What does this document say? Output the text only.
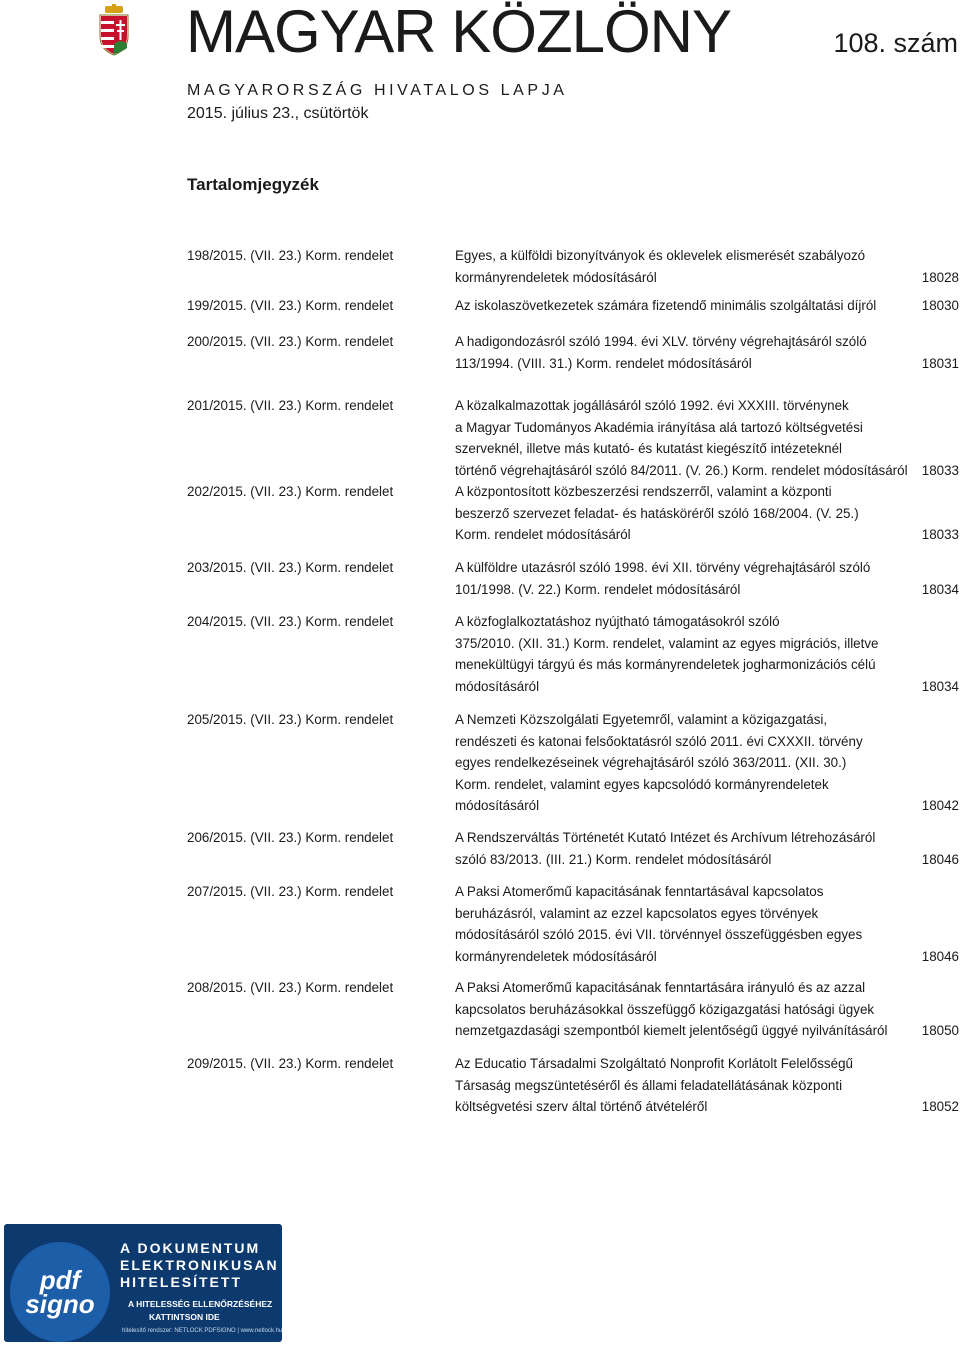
MAGYAR KÖZLÖNY	108. szám
MAGYARORSZÁG HIVATALOS LAPJA
2015. július 23., csütörtök
Tartalomjegyzék
198/2015. (VII. 23.) Korm. rendelet	Egyes, a külföldi bizonyítványok és oklevelek elismerését szabályozó
kormányrendeletek módosításáról	18028
199/2015. (VII. 23.) Korm. rendelet	Az iskolaszövetkezetek számára fizetendő minimális szolgáltatási díjról	18030
200/2015. (VII. 23.) Korm. rendelet	A hadigondozásról szóló 1994. évi XLV. törvény végrehajtásáról szóló
113/1994. (VIII. 31.) Korm. rendelet módosításáról	18031
201/2015. (VII. 23.) Korm. rendelet	A közalkalmazottak jogállásáról szóló 1992. évi XXXIII. törvénynek
a Magyar Tudományos Akadémia irányítása alá tartozó költségvetési
szerveknél, illetve más kutató- és kutatást kiegészítő intézeteknél
történő végrehajtásáról szóló 84/2011. (V. 26.) Korm. rendelet módosításáról 18033
202/2015. (VII. 23.) Korm. rendelet	A központosított közbeszerzési rendszerről, valamint a központi
beszerző szervezet feladat- és hatásköréről szóló 168/2004. (V. 25.)
Korm. rendelet módosításáról	18033
203/2015. (VII. 23.) Korm. rendelet	A külföldre utazásról szóló 1998. évi XII. törvény végrehajtásáról szóló
101/1998. (V. 22.) Korm. rendelet módosításáról	18034
204/2015. (VII. 23.) Korm. rendelet	A közfoglalkoztatáshoz nyújtható támogatásokról szóló
375/2010. (XII. 31.) Korm. rendelet, valamint az egyes migrációs, illetve
menekültügyi tárgyú és más kormányrendeletek jogharmonizációs célú
módosításáról	18034
205/2015. (VII. 23.) Korm. rendelet	A Nemzeti Közszolgálati Egyetemről, valamint a közigazgatási,
rendészeti és katonai felsőoktatásról szóló 2011. évi CXXXII. törvény
egyes rendelkezéseinek végrehajtásáról szóló 363/2011. (XII. 30.)
Korm. rendelet, valamint egyes kapcsolódó kormányrendeletek
módosításáról	18042
206/2015. (VII. 23.) Korm. rendelet	A Rendszerváltás Történetét Kutató Intézet és Archívum létrehozásáról
szóló 83/2013. (III. 21.) Korm. rendelet módosításáról	18046
207/2015. (VII. 23.) Korm. rendelet	A Paksi Atomerőmű kapacitásának fenntartásával kapcsolatos
beruházásról, valamint az ezzel kapcsolatos egyes törvények
módosításáról szóló 2015. évi VII. törvénnyel összefüggésben egyes
kormányrendeletek módosításáról	18046
208/2015. (VII. 23.) Korm. rendelet	A Paksi Atomerőmű kapacitásának fenntartására irányuló és az azzal
kapcsolatos beruházásokkal összefüggő közigazgatási hatósági ügyek
nemzetgazdasági szempontból kiemelt jelentőségű üggyé nyilvánításáról	18050
209/2015. (VII. 23.) Korm. rendelet	Az Educatio Társadalmi Szolgáltató Nonprofit Korlátolt Felelősségű
Társaság megszüntetéséről és állami feladatellátásának központi
költségvetési szerv által történő átvételéről	18052
pdf
signo
A DOKUMENTUM
ELEKTRONIKUSAN
HITELESÍTETT
A HITELESSÉG ELLENŐRZÉSÉHEZ
KATTINTSON IDE
hitelesítő rendszer: NETLOCK PDFSIGNO | www.netlock.hu
